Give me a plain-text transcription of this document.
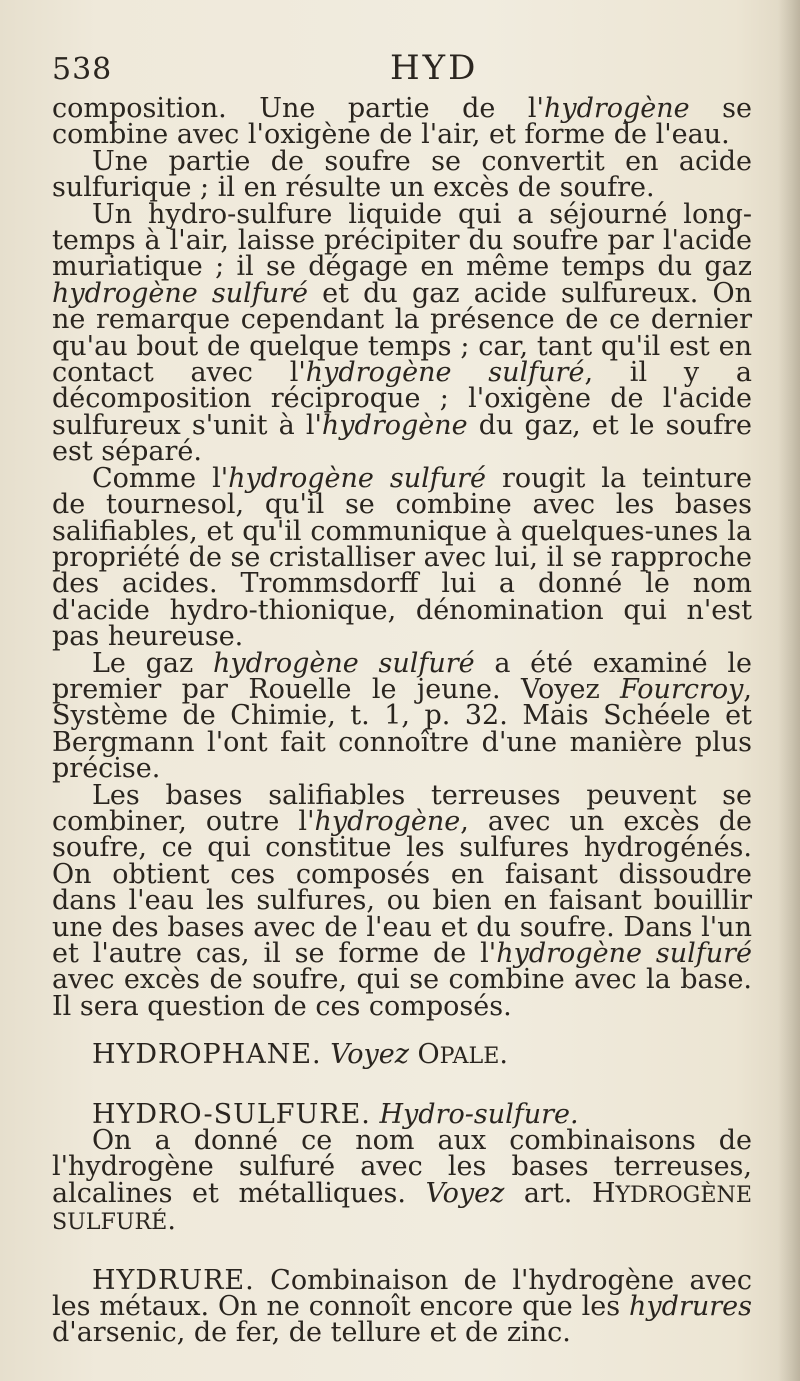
538	HYD

composition. Une partie de l'hydrogène se combine avec l'oxigène de l'air, et forme de l'eau.

Une partie de soufre se convertit en acide sulfurique ; il en résulte un excès de soufre.

Un hydro-sulfure liquide qui a séjourné long-temps à l'air, laisse précipiter du soufre par l'acide muriatique ; il se dégage en même temps du gaz hydrogène sulfuré et du gaz acide sulfureux. On ne remarque cependant la présence de ce dernier qu'au bout de quelque temps ; car, tant qu'il est en contact avec l'hydrogène sulfuré, il y a décomposition réciproque ; l'oxigène de l'acide sulfureux s'unit à l'hydrogène du gaz, et le soufre est séparé.

Comme l'hydrogène sulfuré rougit la teinture de tournesol, qu'il se combine avec les bases salifiables, et qu'il communique à quelques-unes la propriété de se cristalliser avec lui, il se rapproche des acides. Trommsdorff lui a donné le nom d'acide hydro-thionique, dénomination qui n'est pas heureuse.

Le gaz hydrogène sulfuré a été examiné le premier par Rouelle le jeune. Voyez Fourcroy, Système de Chimie, t. 1, p. 32. Mais Schéele et Bergmann l'ont fait connoître d'une manière plus précise.

Les bases salifiables terreuses peuvent se combiner, outre l'hydrogène, avec un excès de soufre, ce qui constitue les sulfures hydrogénés. On obtient ces composés en faisant dissoudre dans l'eau les sulfures, ou bien en faisant bouillir une des bases avec de l'eau et du soufre. Dans l'un et l'autre cas, il se forme de l'hydrogène sulfuré avec excès de soufre, qui se combine avec la base. Il sera question de ces composés.

HYDROPHANE. Voyez OPALE.

HYDRO-SULFURE. Hydro-sulfure.

On a donné ce nom aux combinaisons de l'hydrogène sulfuré avec les bases terreuses, alcalines et métalliques. Voyez art. HYDROGÈNE SULFURÉ.

HYDRURE. Combinaison de l'hydrogène avec les métaux. On ne connoît encore que les hydrures d'arsenic, de fer, de tellure et de zinc.
